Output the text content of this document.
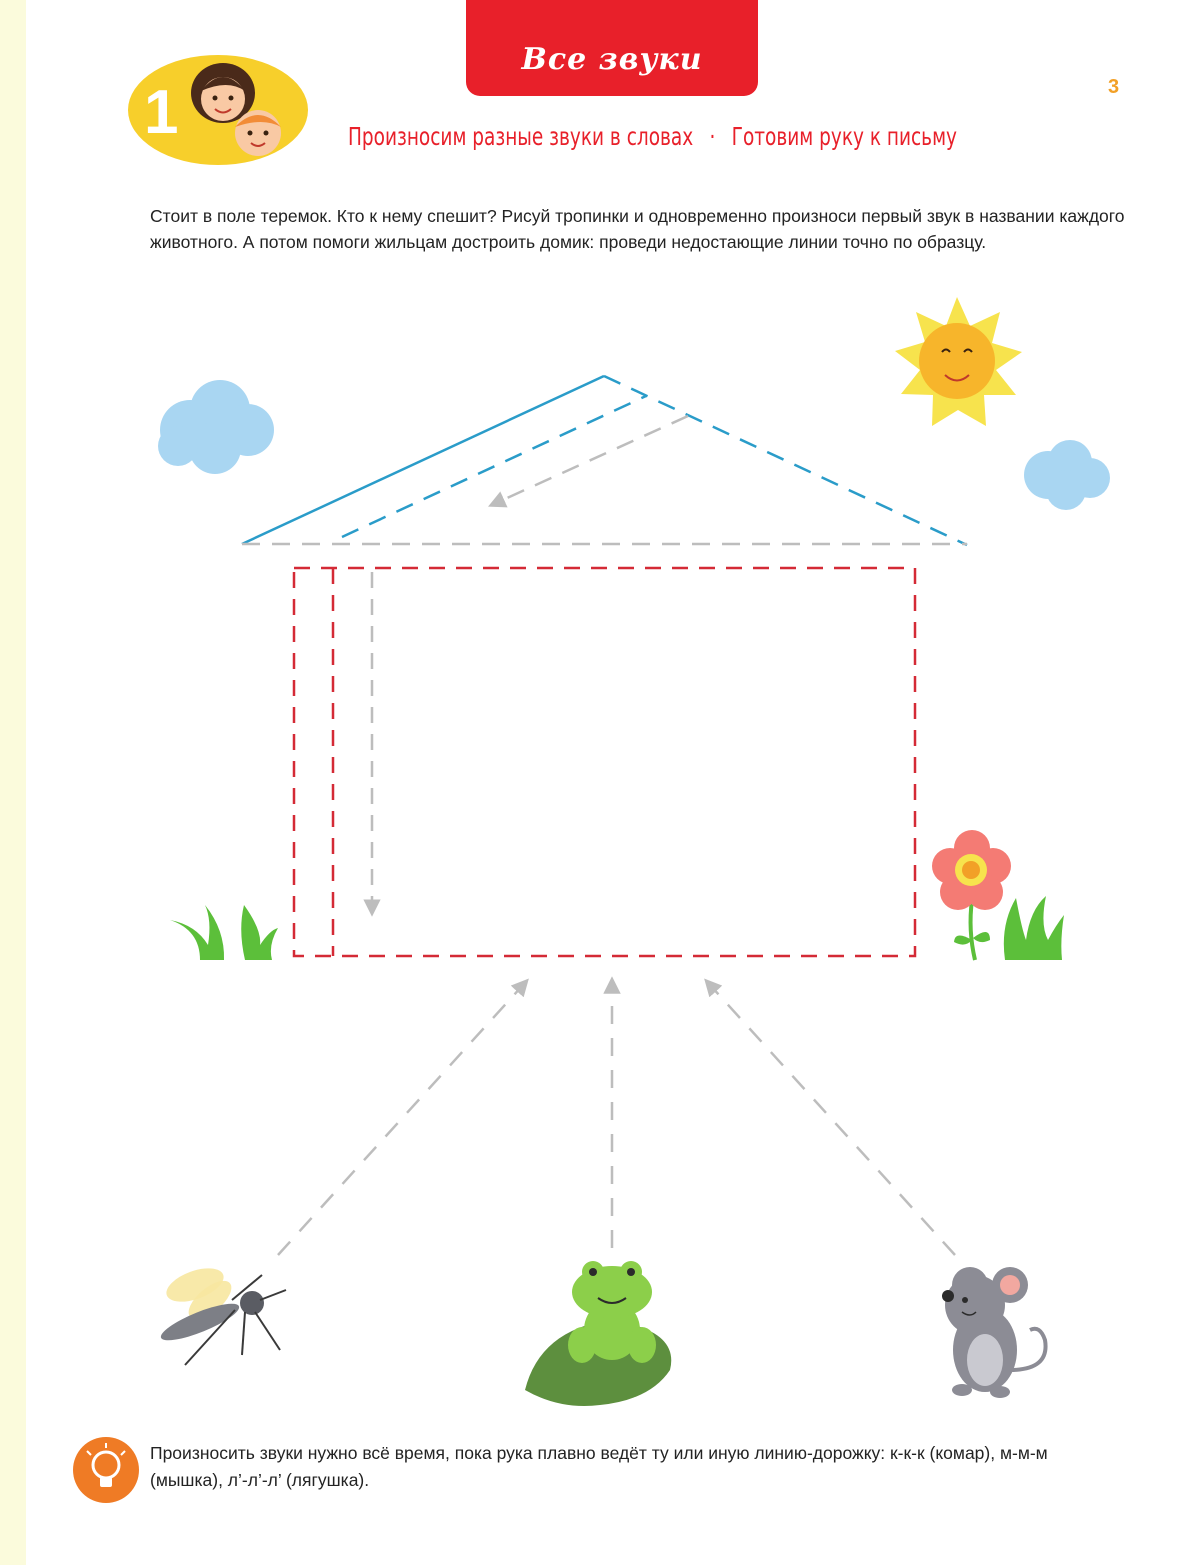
Все звуки
3
1	Произносим разные звуки в словах · Готовим руку к письму
Стоит в поле теремок. Кто к нему спешит? Рисуй тропинки и одновременно произноси первый звук в названии каждого животного. А потом помоги жильцам достроить домик: проведи недостающие линии точно по образцу.
Произносить звуки нужно всё время, пока рука плавно ведёт ту или иную линию-дорожку: к-к-к (комар), м-м-м (мышка), л’-л’-л’ (лягушка).
